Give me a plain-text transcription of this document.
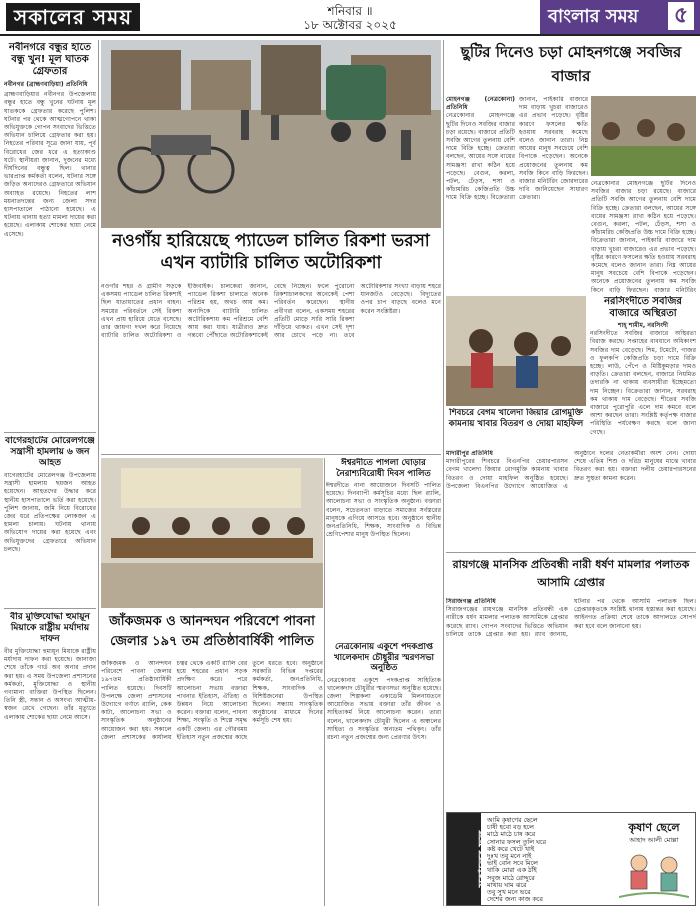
সকালের সময়	শনিবার ॥
১৮ অক্টোবর ২০২৫	বাংলার সময় ৫
নবীনগরে বন্ধুর হাতে বন্ধু খুন! মূল ঘাতক গ্রেফতার
নবীনগর (ব্রাহ্মণবাড়িয়া) প্রতিনিধি
ব্রাহ্মণবাড়িয়ার নবীনগর উপজেলায় বন্ধুর হাতে বন্ধু খুনের ঘটনায় মূল ঘাতককে গ্রেফতার করেছে পুলিশ। ঘটনার পর থেকে আত্মগোপনে থাকা অভিযুক্তকে গোপন সংবাদের ভিত্তিতে অভিযান চালিয়ে গ্রেফতার করা হয়। নিহতের পরিবার সূত্রে জানা যায়, পূর্ব বিরোধের জের ধরে এ হত্যাকাণ্ড ঘটে। স্থানীয়রা জানান, দুজনের মধ্যে দীর্ঘদিনের বন্ধুত্ব ছিল। থানার ভারপ্রাপ্ত কর্মকর্তা বলেন, ঘটনার সঙ্গে জড়িত অন্যদেরও গ্রেফতারে অভিযান অব্যাহত রয়েছে। নিহতের লাশ ময়নাতদন্তের জন্য জেলা সদর হাসপাতালে পাঠানো হয়েছে। এ ঘটনায় থানায় হত্যা মামলা দায়ের করা হয়েছে। এলাকায় শোকের ছায়া নেমে এসেছে।
বাগেরহাটের মোরেলগঞ্জে সন্ত্রাসী হামলায় ৬ জন আহত
বাগেরহাটের মোরেলগঞ্জ উপজেলায় সন্ত্রাসী হামলায় ছয়জন আহত হয়েছেন। আহতদের উদ্ধার করে স্থানীয় হাসপাতালে ভর্তি করা হয়েছে। পুলিশ জানায়, জমি নিয়ে বিরোধের জের ধরে প্রতিপক্ষের লোকজন এ হামলা চালায়। ঘটনায় থানায় অভিযোগ দায়ের করা হয়েছে এবং অভিযুক্তদের গ্রেফতারে অভিযান চলছে।
বীর মুক্তিযোদ্ধা হুমায়ূন মিয়াকে রাষ্ট্রীয় মর্যাদায় দাফন
বীর মুক্তিযোদ্ধা হুমায়ূন মিয়াকে রাষ্ট্রীয় মর্যাদায় দাফন করা হয়েছে। জানাজা শেষে তাঁকে গার্ড অব অনার প্রদান করা হয়। এ সময় উপজেলা প্রশাসনের কর্মকর্তা, মুক্তিযোদ্ধা ও স্থানীয় গণ্যমান্য ব্যক্তিরা উপস্থিত ছিলেন। তিনি স্ত্রী, সন্তান ও অসংখ্য আত্মীয়-স্বজন রেখে গেছেন। তাঁর মৃত্যুতে এলাকায় শোকের ছায়া নেমে আসে।
নওগাঁয় হারিয়েছে প্যাডেল চালিত রিকশা ভরসা এখন ব্যাটারি চালিত অটোরিকশা
নওগাঁর শহর ও গ্রামীণ সড়কে একসময় প্যাডেল চালিত রিকশাই ছিল যাতায়াতের প্রধান বাহন। সময়ের পরিবর্তনে সেই রিকশা এখন প্রায় হারিয়ে যেতে বসেছে। তার জায়গা দখল করে নিয়েছে ব্যাটারি চালিত অটোরিকশা ও ইজিবাইক। চালকেরা জানান, প্যাডেল রিকশা চালাতে অনেক পরিশ্রম হয়, অথচ আয় কম। অন্যদিকে ব্যাটারি চালিত অটোরিকশায় কম পরিশ্রমে বেশি আয় করা যায়। যাত্রীরাও দ্রুত গন্তব্যে পৌঁছাতে অটোরিকশাকেই বেছে নিচ্ছেন। ফলে পুরোনো রিকশাচালকদের অনেকেই পেশা পরিবর্তন করেছেন। স্থানীয় প্রবীণরা বলেন, একসময় শহরের প্রতিটি মোড়ে সারি সারি রিকশা দাঁড়িয়ে থাকত। এখন সেই দৃশ্য আর চোখে পড়ে না। তবে অটোরিকশার সংখ্যা বাড়ায় শহরে যানজটও বেড়েছে। বিদ্যুতের ওপর চাপ বাড়ছে বলেও মনে করেন সংশ্লিষ্টরা।
ঈশ্বরদীতে পাগলা ঘোড়ার নৈরাশ্যবিরোধী দিবস পালিত
ঈশ্বরদীতে নানা আয়োজনে দিবসটি পালিত হয়েছে। দিনব্যাপী কর্মসূচির মধ্যে ছিল র‍্যালি, আলোচনা সভা ও সাংস্কৃতিক অনুষ্ঠান। বক্তারা বলেন, সচেতনতা বাড়াতে সমাজের সর্বস্তরের মানুষকে এগিয়ে আসতে হবে। অনুষ্ঠানে স্থানীয় জনপ্রতিনিধি, শিক্ষক, সাংবাদিক ও বিভিন্ন শ্রেণিপেশার মানুষ উপস্থিত ছিলেন।
জাঁকজমক ও আনন্দঘন পরিবেশে পাবনা জেলার ১৯৭ তম প্রতিষ্ঠাবার্ষিকী পালিত
জাঁকজমক ও আনন্দঘন পরিবেশে পাবনা জেলার ১৯৭তম প্রতিষ্ঠাবার্ষিকী পালিত হয়েছে। দিবসটি উপলক্ষে জেলা প্রশাসনের উদ্যোগে বর্ণাঢ্য র‍্যালি, কেক কাটা, আলোচনা সভা ও সাংস্কৃতিক অনুষ্ঠানের আয়োজন করা হয়। সকালে জেলা প্রশাসকের কার্যালয় চত্বর থেকে একটি র‍্যালি বের হয়ে শহরের প্রধান সড়ক প্রদক্ষিণ করে। পরে আলোচনা সভায় বক্তারা পাবনার ইতিহাস, ঐতিহ্য ও উন্নয়ন নিয়ে আলোচনা করেন। বক্তারা বলেন, পাবনা শিক্ষা, সংস্কৃতি ও শিল্পে সমৃদ্ধ একটি জেলা। এর গৌরবময় ইতিহাস নতুন প্রজন্মের কাছে তুলে ধরতে হবে। অনুষ্ঠানে সরকারি বিভিন্ন দপ্তরের কর্মকর্তা, জনপ্রতিনিধি, শিক্ষক, সাংবাদিক ও বিশিষ্টজনেরা উপস্থিত ছিলেন। সন্ধ্যায় সাংস্কৃতিক অনুষ্ঠানের মাধ্যমে দিনের কর্মসূচি শেষ হয়।
নেত্রকোনায় একুশে পদকপ্রাপ্ত খালেকদাদ চৌধুরীর স্মরণসভা অনুষ্ঠিত
নেত্রকোনায় একুশে পদকপ্রাপ্ত সাহিত্যিক খালেকদাদ চৌধুরীর স্মরণসভা অনুষ্ঠিত হয়েছে। জেলা শিল্পকলা একাডেমি মিলনায়তনে আয়োজিত সভায় বক্তারা তাঁর জীবন ও সাহিত্যকর্ম নিয়ে আলোচনা করেন। তারা বলেন, খালেকদাদ চৌধুরী ছিলেন এ অঞ্চলের সাহিত্য ও সংস্কৃতির অন্যতম পথিকৃৎ। তাঁর রচনা নতুন প্রজন্মের জন্য প্রেরণার উৎস।
ছুটির দিনেও চড়া মোহনগঞ্জে সবজির বাজার
মোহনগঞ্জ (নেত্রকোনা) প্রতিনিধি
নেত্রকোনার মোহনগঞ্জে ছুটির দিনেও সবজির বাজার চড়া রয়েছে। বাজারে প্রতিটি সবজি আগের তুলনায় বেশি দামে বিক্রি হচ্ছে। ক্রেতারা বলছেন, আয়ের সঙ্গে ব্যয়ের সামঞ্জস্য রাখা কঠিন হয়ে পড়েছে। বেগুন, করলা, পটল, ঢেঁড়স, শসা ও কাঁচামরিচ কেজিপ্রতি উচ্চ দামে বিক্রি হচ্ছে। বিক্রেতারা জানান, পাইকারি বাজারে দাম বাড়ায় খুচরা বাজারেও এর প্রভাব পড়েছে। বৃষ্টির কারণে ফসলের ক্ষতি হওয়ায় সরবরাহ কমেছে বলেও জানান তারা। নিম্ন আয়ের মানুষ সবচেয়ে বেশি বিপাকে পড়েছেন। অনেকে প্রয়োজনের তুলনায় কম সবজি কিনে বাড়ি ফিরছেন। বাজার মনিটরিং জোরদারের দাবি জানিয়েছেন সাধারণ ক্রেতারা।
নেত্রকোনার মোহনগঞ্জে ছুটির দিনেও সবজির বাজার চড়া রয়েছে। বাজারে প্রতিটি সবজি আগের তুলনায় বেশি দামে বিক্রি হচ্ছে। ক্রেতারা বলছেন, আয়ের সঙ্গে ব্যয়ের সামঞ্জস্য রাখা কঠিন হয়ে পড়েছে। বেগুন, করলা, পটল, ঢেঁড়স, শসা ও কাঁচামরিচ কেজিপ্রতি উচ্চ দামে বিক্রি হচ্ছে। বিক্রেতারা জানান, পাইকারি বাজারে দাম বাড়ায় খুচরা বাজারেও এর প্রভাব পড়েছে। বৃষ্টির কারণে ফসলের ক্ষতি হওয়ায় সরবরাহ কমেছে বলেও জানান তারা। নিম্ন আয়ের মানুষ সবচেয়ে বেশি বিপাকে পড়েছেন। অনেকে প্রয়োজনের তুলনায় কম সবজি কিনে বাড়ি ফিরছেন। বাজার মনিটরিং
শিবচরে বেগম খালেদা জিয়ার রোগমুক্তি কামনায় খাবার বিতরণ ও দোয়া মাহফিল
মাদারীপুর প্রতিনিধি
মাদারীপুরের শিবচরে বিএনপির চেয়ারপারসন বেগম খালেদা জিয়ার রোগমুক্তি কামনায় খাবার বিতরণ ও দোয়া মাহফিল অনুষ্ঠিত হয়েছে। উপজেলা বিএনপির উদ্যোগে আয়োজিত এ অনুষ্ঠানে দলের নেতাকর্মীরা অংশ নেন। দোয়া শেষে এতিম শিশু ও দরিদ্র মানুষের মাঝে খাবার বিতরণ করা হয়। বক্তারা দলীয় চেয়ারপারসনের দ্রুত সুস্থতা কামনা করেন।
নরসিংদীতে সবজির বাজারে অস্থিরতা
শাহ্‌ শামীম, নরসিংদী
নরসিংদীতে সবজির বাজারে অস্থিরতা বিরাজ করছে। সপ্তাহের ব্যবধানে অধিকাংশ সবজির দাম বেড়েছে। শিম, টমেটো, গাজর ও ফুলকপি কেজিপ্রতি চড়া দামে বিক্রি হচ্ছে। লাউ, পেঁপে ও মিষ্টিকুমড়ার দামও বাড়তি। ক্রেতারা বলছেন, বাজারে নিয়মিত তদারকি না থাকায় ব্যবসায়ীরা ইচ্ছেমতো দাম নিচ্ছেন। বিক্রেতারা জানান, সরবরাহ কম থাকায় দাম বেড়েছে। শীতের সবজি বাজারে পুরোপুরি এলে দাম কমবে বলে আশা করছেন তারা। সংশ্লিষ্ট কর্তৃপক্ষ বাজার পরিস্থিতি পর্যবেক্ষণ করছে বলে জানা গেছে।
রায়গঞ্জে মানসিক প্রতিবন্ধী নারী ধর্ষণ মামলার পলাতক আসামি গ্রেপ্তার
সিরাজগঞ্জ প্রতিনিধি
সিরাজগঞ্জের রায়গঞ্জে মানসিক প্রতিবন্ধী এক নারীকে ধর্ষণ মামলার পলাতক আসামিকে গ্রেপ্তার করেছে র‍্যাব। গোপন সংবাদের ভিত্তিতে অভিযান চালিয়ে তাকে গ্রেপ্তার করা হয়। র‍্যাব জানায়, ঘটনার পর থেকে আসামি পলাতক ছিল। গ্রেপ্তারকৃতকে সংশ্লিষ্ট থানায় হস্তান্তর করা হয়েছে। আইনগত প্রক্রিয়া শেষে তাকে আদালতে সোপর্দ করা হবে বলে জানানো হয়।
সকালের ফুল
আমি কৃষাণের ছেলে
চাষী হবো বড় হলে
মাঠে মাঠে চাষ করে
সোনার ফসল তুলি ঘরে
কষ্ট করে খেটে খাই
দুঃখ তবু মনে নাই
ভাই বোন সবে মিলে
থাকি মোরা এক ঠাঁই
সবুজ মাঠে রোদ্দুরে
মাথায় ঘাম ঝরে
তবু সুখ মনে ভরে
দেশের জন্য কাজ করে
কৃষাণ ছেলে
আহাদ আলী মোল্লা
